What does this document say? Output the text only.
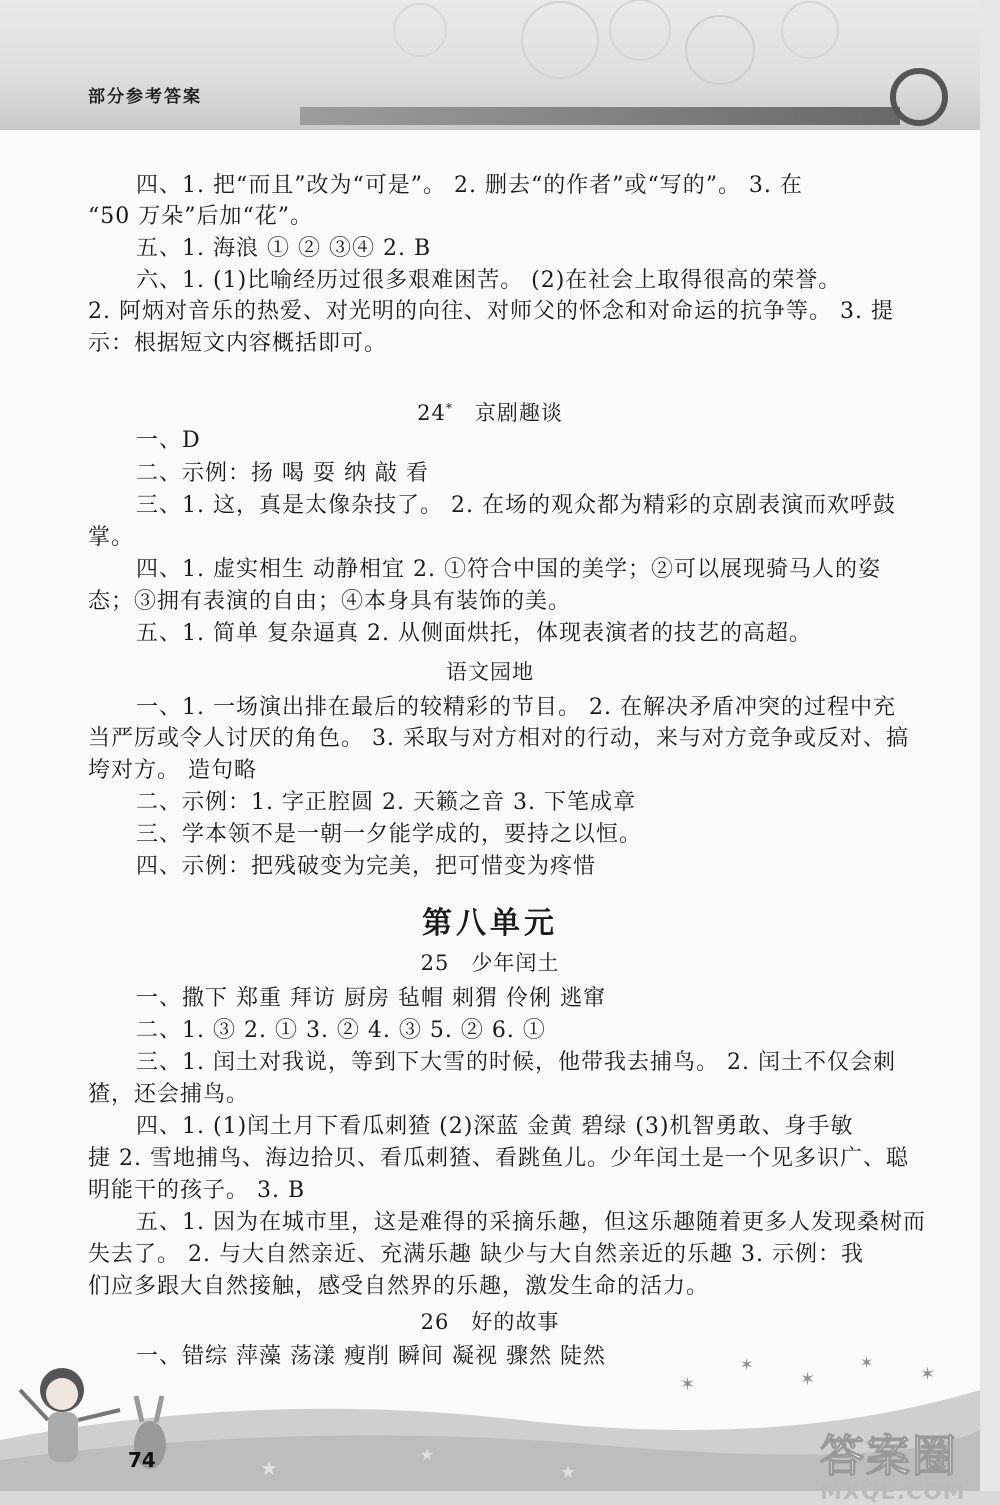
部分参考答案
四、1. 把“而且”改为“可是”。 2. 删去“的作者”或“写的”。 3. 在
“50 万朵”后加“花”。
五、1. 海浪 ① ② ③④ 2. B
六、1. (1)比喻经历过很多艰难困苦。 (2)在社会上取得很高的荣誉。
2. 阿炳对音乐的热爱、对光明的向往、对师父的怀念和对命运的抗争等。 3. 提
示：根据短文内容概括即可。
24*　 京剧趣谈
一、D
二、示例：扬 喝 耍 纳 敲 看
三、1. 这，真是太像杂技了。 2. 在场的观众都为精彩的京剧表演而欢呼鼓
掌。
四、1. 虚实相生 动静相宜 2. ①符合中国的美学；②可以展现骑马人的姿
态；③拥有表演的自由；④本身具有装饰的美。
五、1. 简单 复杂逼真 2. 从侧面烘托，体现表演者的技艺的高超。
语文园地
一、1. 一场演出排在最后的较精彩的节目。 2. 在解决矛盾冲突的过程中充
当严厉或令人讨厌的角色。 3. 采取与对方相对的行动，来与对方竞争或反对、搞
垮对方。 造句略
二、示例：1. 字正腔圆 2. 天籁之音 3. 下笔成章
三、学本领不是一朝一夕能学成的，要持之以恒。
四、示例：把残破变为完美，把可惜变为疼惜
第八单元
25　少年闰土
一、撒下 郑重 拜访 厨房 毡帽 刺猬 伶俐 逃窜
二、1. ③ 2. ① 3. ② 4. ③ 5. ② 6. ①
三、1. 闰土对我说，等到下大雪的时候，他带我去捕鸟。 2. 闰土不仅会刺
猹，还会捕鸟。
四、1. (1)闰土月下看瓜刺猹 (2)深蓝 金黄 碧绿 (3)机智勇敢、身手敏
捷 2. 雪地捕鸟、海边拾贝、看瓜刺猹、看跳鱼儿。少年闰土是一个见多识广、聪
明能干的孩子。 3. B
五、1. 因为在城市里，这是难得的采摘乐趣，但这乐趣随着更多人发现桑树而
失去了。 2. 与大自然亲近、充满乐趣 缺少与大自然亲近的乐趣 3. 示例：我
们应多跟大自然接触，感受自然界的乐趣，激发生命的活力。
26　好的故事
一、错综 萍藻 荡漾 瘦削 瞬间 凝视 骤然 陡然
✶
✶
✶
✶
✶
★
★
★
74	答案圈
MXQE.COM
